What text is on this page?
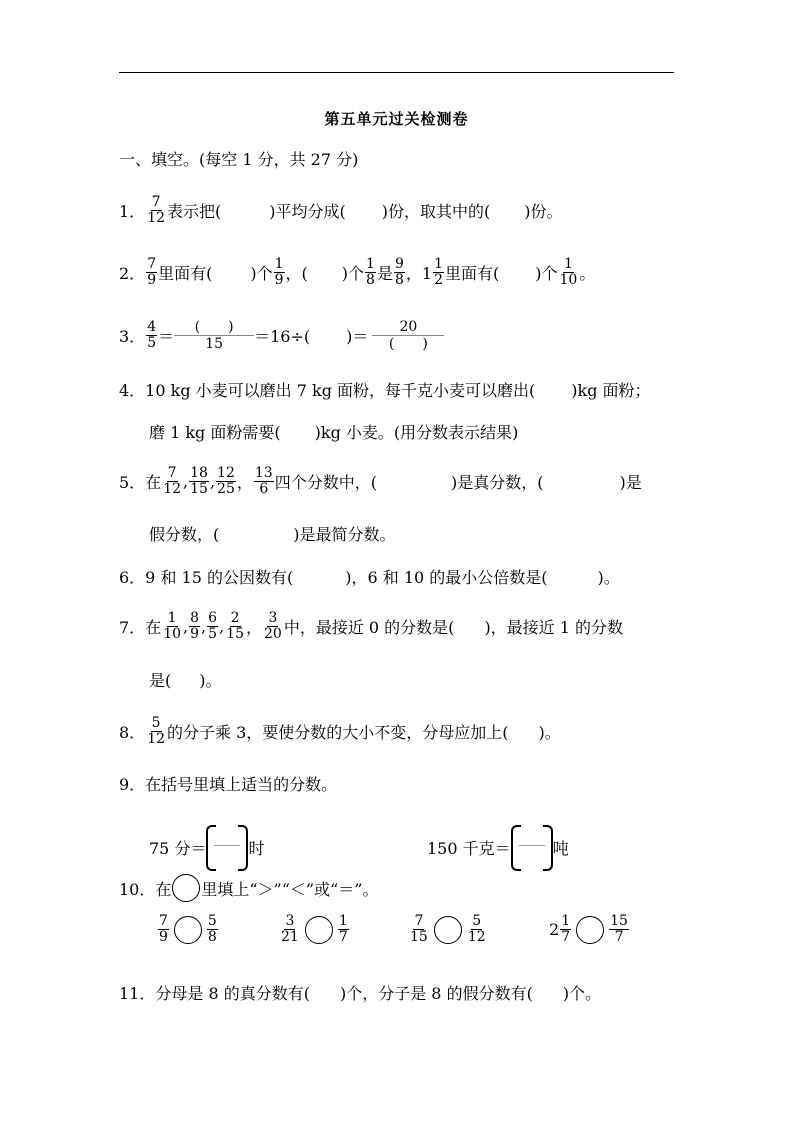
第五单元过关检测卷
一、填空。(每空 1 分，共 27 分)
1． $\frac{7}{12}$ 表示把(	)平均分成( )份，取其中的( )份。
2． $\frac{7}{9}$ 里面有( )个 $\frac{1}{9}$ ，( )个 $\frac{1}{8}$ 是 $\frac{9}{8}$ ，$1 \frac{1}{2}$ 里面有( )个 $\frac{1}{10}$ 。
3． $\frac{4}{5} = \frac{( )}{15} =16\div$( )＝ $\frac{20}{( )}$
4．10 kg 小麦可以磨出 7 kg 面粉，每千克小麦可以磨出( )kg 面粉；
磨 1 kg 面粉需要( )kg 小麦。(用分数表示结果)
5． 在 $\frac{7}{12}$ , $\frac{18}{15}$ , $\frac{12}{25}$ ， $\frac{13}{6}$ 四个分数中，(	)是真分数，(	)是
假分数，(	)是最简分数。
6．9 和 15 的公因数有(	)，6 和 10 的最小公倍数是(	)。
7． 在 $\frac{1}{10}$ , $\frac{8}{9}$ , $\frac{6}{5}$ , $\frac{2}{15}$ ， $\frac{3}{20}$ 中，最接近 0 的分数是( )，最接近 1 的分数
是( )。
8． $\frac{5}{12}$ 的分子乘 3，要使分数的大小不变，分母应加上( )。
9．在括号里填上适当的分数。
75 分＝	时	150 千克＝	吨
10．在 里填上“＞”“＜”或“＝”。
$\frac{7}{9}$	$\frac{5}{8}$	$\frac{3}{21}$	$\frac{1}{7}$	$\frac{7}{15}$	$\frac{5}{12}$	$2 \frac{1}{7}$	$\frac{15}{7}$
11．分母是 8 的真分数有( )个，分子是 8 的假分数有( )个。
